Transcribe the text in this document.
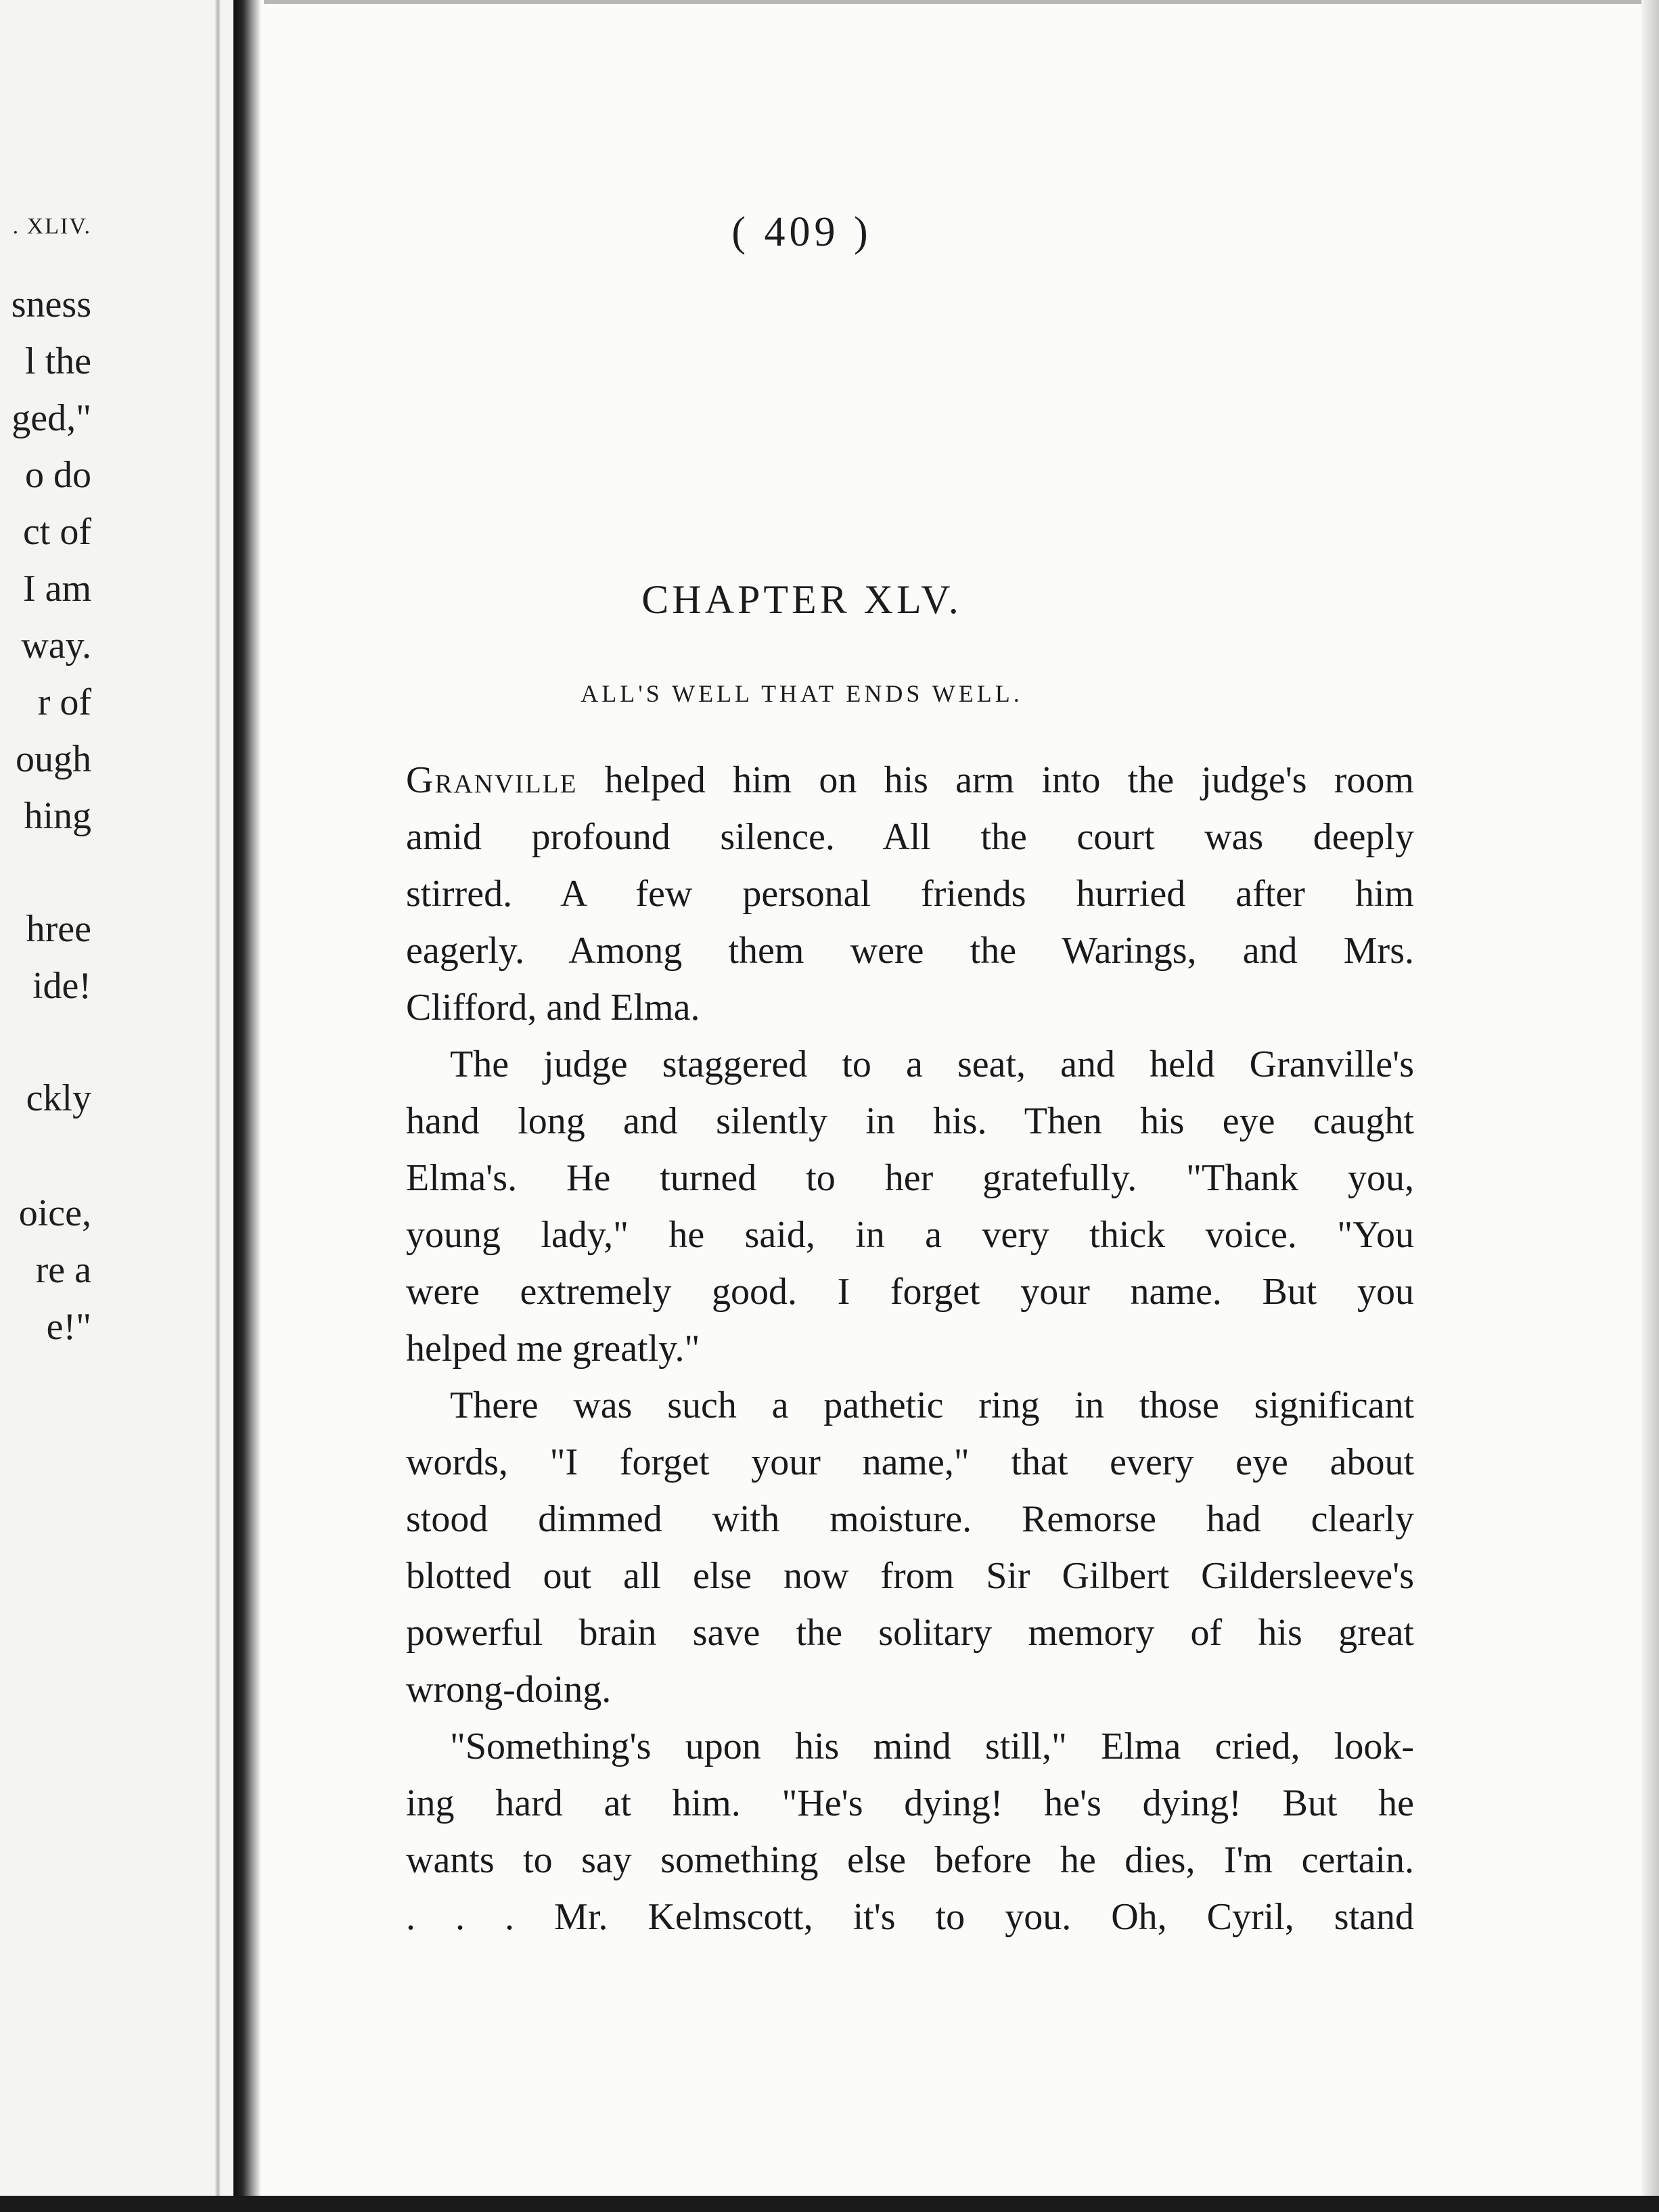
. XLIV.
sness
l the
ged,"
o do
ct of
I am
way.
r of
ough
hing
hree
ide!
ckly
oice,
re a
e!"
( 409 )
CHAPTER XLV.
ALL'S WELL THAT ENDS WELL.
Granville helped him on his arm into the judge's room
amid profound silence. All the court was deeply
stirred. A few personal friends hurried after him
eagerly. Among them were the Warings, and Mrs.
Clifford, and Elma.
The judge staggered to a seat, and held Granville's
hand long and silently in his. Then his eye caught
Elma's. He turned to her gratefully. "Thank you,
young lady," he said, in a very thick voice. "You
were extremely good. I forget your name. But you
helped me greatly."
There was such a pathetic ring in those significant
words, "I forget your name," that every eye about
stood dimmed with moisture. Remorse had clearly
blotted out all else now from Sir Gilbert Gildersleeve's
powerful brain save the solitary memory of his great
wrong-doing.
"Something's upon his mind still," Elma cried, look-
ing hard at him. "He's dying! he's dying! But he
wants to say something else before he dies, I'm certain.
. . . Mr. Kelmscott, it's to you. Oh, Cyril, stand
